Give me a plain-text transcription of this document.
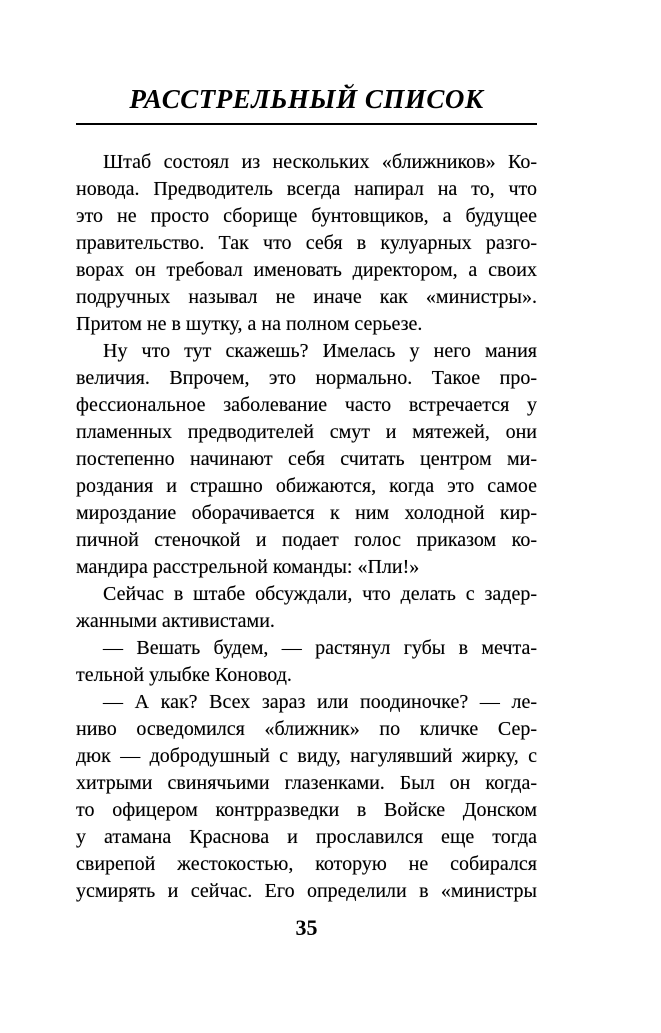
РАССТРЕЛЬНЫЙ СПИСОК

Штаб состоял из нескольких «ближников» Ко-
новода. Предводитель всегда напирал на то, что
это не просто сборище бунтовщиков, а будущее
правительство. Так что себя в кулуарных разго-
ворах он требовал именовать директором, а своих
подручных называл не иначе как «министры».
Притом не в шутку, а на полном серьезе.

Ну что тут скажешь? Имелась у него мания
величия. Впрочем, это нормально. Такое про-
фессиональное заболевание часто встречается у
пламенных предводителей смут и мятежей, они
постепенно начинают себя считать центром ми-
роздания и страшно обижаются, когда это самое
мироздание оборачивается к ним холодной кир-
пичной стеночкой и подает голос приказом ко-
мандира расстрельной команды: «Пли!»

Сейчас в штабе обсуждали, что делать с задер-
жанными активистами.

— Вешать будем, — растянул губы в мечта-
тельной улыбке Коновод.

— А как? Всех зараз или поодиночке? — ле-
ниво осведомился «ближник» по кличке Сер-
дюк — добродушный с виду, нагулявший жирку, с
хитрыми свинячьими глазенками. Был он когда-
то офицером контрразведки в Войске Донском
у атамана Краснова и прославился еще тогда
свирепой жестокостью, которую не собирался
усмирять и сейчас. Его определили в «министры

35
